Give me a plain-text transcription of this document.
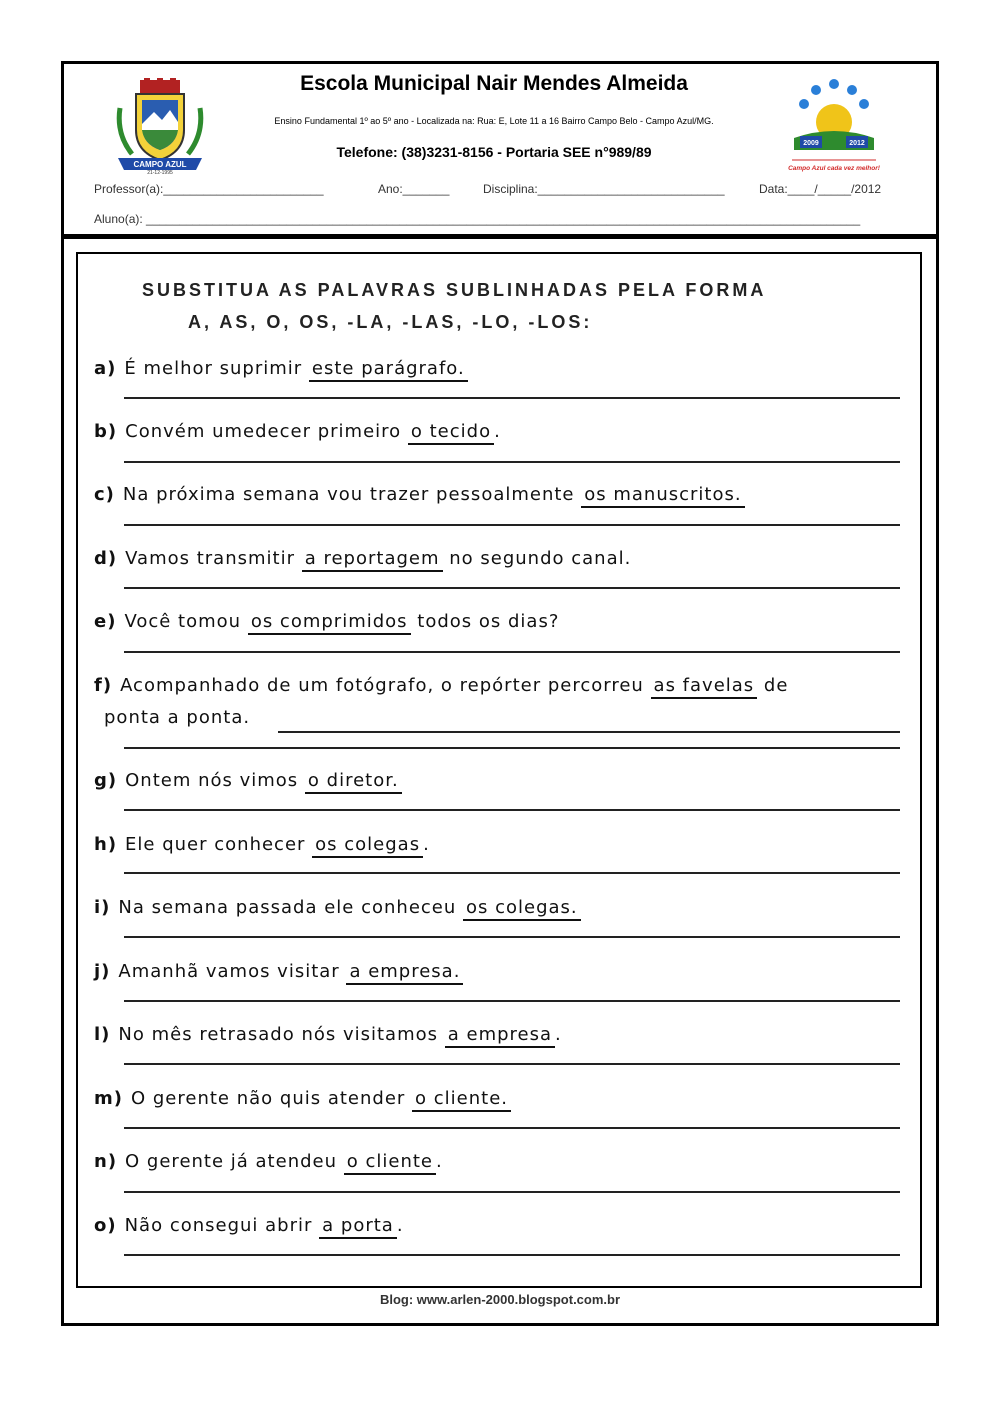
CAMPO AZUL
21-12-1995
Escola Municipal Nair Mendes Almeida
Ensino Fundamental 1º ao 5º ano - Localizada na: Rua: E, Lote 11 a 16 Bairro Campo Belo - Campo Azul/MG.
Telefone: (38)3231-8156 - Portaria SEE n°989/89
2009	2012
Campo Azul cada vez melhor!
Professor(a):________________________	Ano:_______	Disciplina:____________________________	Data:____/_____/2012
Aluno(a): ___________________________________________________________________________________________________________
SUBSTITUA AS PALAVRAS SUBLINHADAS PELA FORMA
A, AS, O, OS, -LA, -LAS, -LO, -LOS:
a) É melhor suprimir este parágrafo.
b) Convém umedecer primeiro o tecido .
c) Na próxima semana vou trazer pessoalmente os manuscritos.
d) Vamos transmitir a reportagem no segundo canal.
e) Você tomou os comprimidos todos os dias?
f) Acompanhado de um fotógrafo, o repórter percorreu as favelas de
ponta a ponta.
g) Ontem nós vimos o diretor.
h) Ele quer conhecer os colegas .
i) Na semana passada ele conheceu os colegas.
j) Amanhã vamos visitar a empresa.
l) No mês retrasado nós visitamos a empresa .
m) O gerente não quis atender o cliente.
n) O gerente já atendeu o cliente .
o) Não consegui abrir a porta .
Blog: www.arlen-2000.blogspot.com.br
